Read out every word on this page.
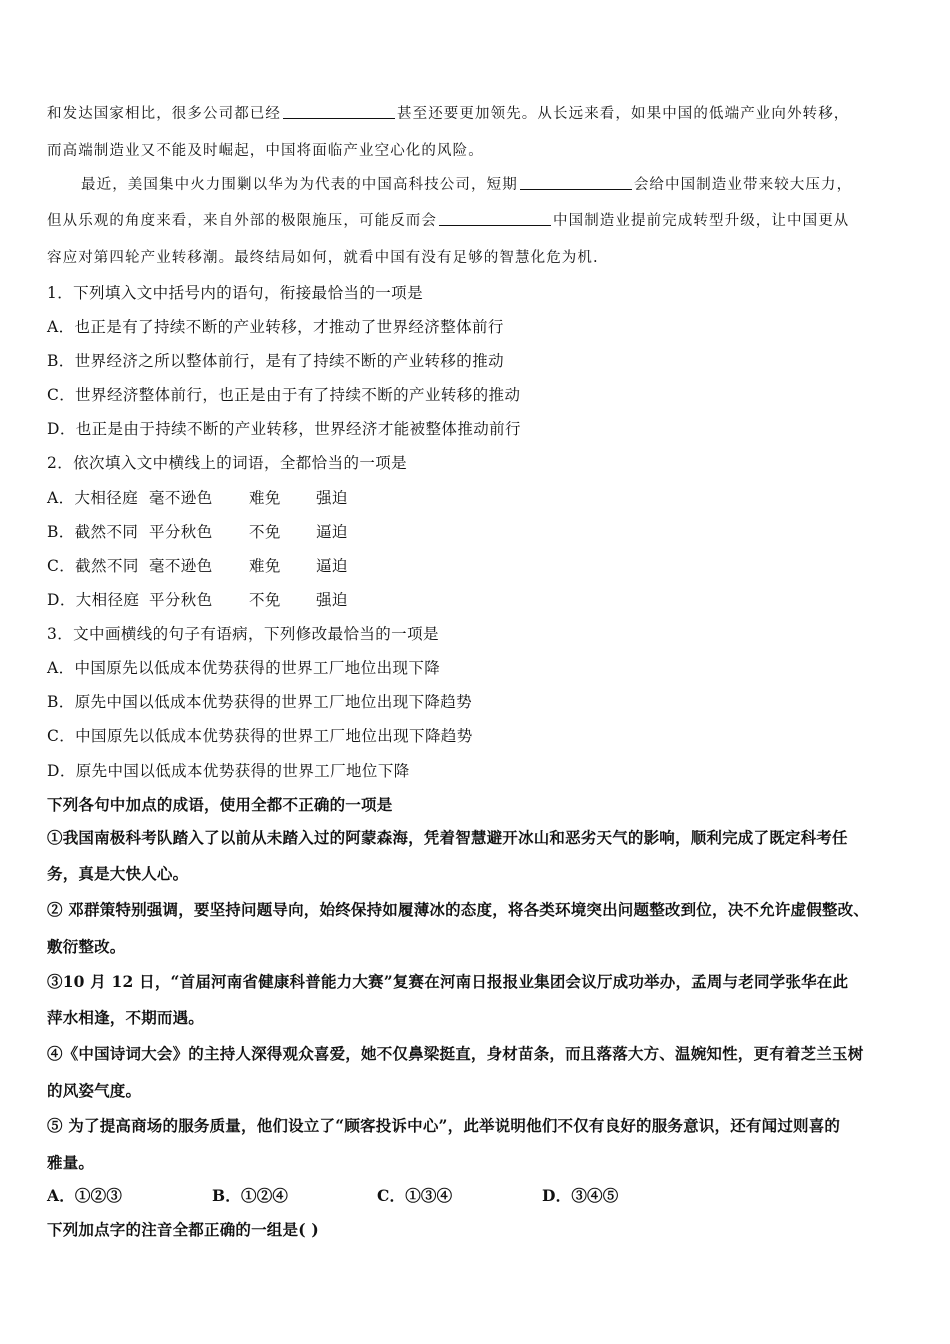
和发达国家相比，很多公司都已经	甚至还要更加领先。从长远来看，如果中国的低端产业向外转移，
而高端制造业又不能及时崛起，中国将面临产业空心化的风险。
最近，美国集中火力围剿以华为为代表的中国高科技公司，短期	会给中国制造业带来较大压力，
但从乐观的角度来看，来自外部的极限施压，可能反而会	中国制造业提前完成转型升级，让中国更从
容应对第四轮产业转移潮。最终结局如何，就看中国有没有足够的智慧化危为机.
1．下列填入文中括号内的语句，衔接最恰当的一项是
A．也正是有了持续不断的产业转移，才推动了世界经济整体前行
B．世界经济之所以整体前行，是有了持续不断的产业转移的推动
C．世界经济整体前行，也正是由于有了持续不断的产业转移的推动
D．也正是由于持续不断的产业转移，世界经济才能被整体推动前行
2．依次填入文中横线上的词语，全都恰当的一项是
A．大相径庭 毫不逊色 难免 强迫
B．截然不同 平分秋色 不免 逼迫
C．截然不同 毫不逊色 难免 逼迫
D．大相径庭 平分秋色 不免 强迫
3．文中画横线的句子有语病，下列修改最恰当的一项是
A．中国原先以低成本优势获得的世界工厂地位出现下降
B．原先中国以低成本优势获得的世界工厂地位出现下降趋势
C．中国原先以低成本优势获得的世界工厂地位出现下降趋势
D．原先中国以低成本优势获得的世界工厂地位下降
下列各句中加点的成语，使用全都不正确的一项是
①我国南极科考队踏入了以前从未踏入过的阿蒙森海，凭着智慧避开冰山和恶劣天气的影响，顺利完成了既定科考任
务，真是大快人心。
② 邓群策特别强调，要坚持问题导向，始终保持如履薄冰的态度，将各类环境突出问题整改到位，决不允许虚假整改、
敷衍整改。
③10 月 12 日，“首届河南省健康科普能力大赛”复赛在河南日报报业集团会议厅成功举办，孟周与老同学张华在此
萍水相逢，不期而遇。
④《中国诗词大会》的主持人深得观众喜爱，她不仅鼻梁挺直，身材苗条，而且落落大方、温婉知性，更有着芝兰玉树
的风姿气度。
⑤ 为了提高商场的服务质量，他们设立了“顾客投诉中心”，此举说明他们不仅有良好的服务意识，还有闻过则喜的
雅量。
A．①②③	B．①②④	C．①③④	D．③④⑤
下列加点字的注音全都正确的一组是( )
